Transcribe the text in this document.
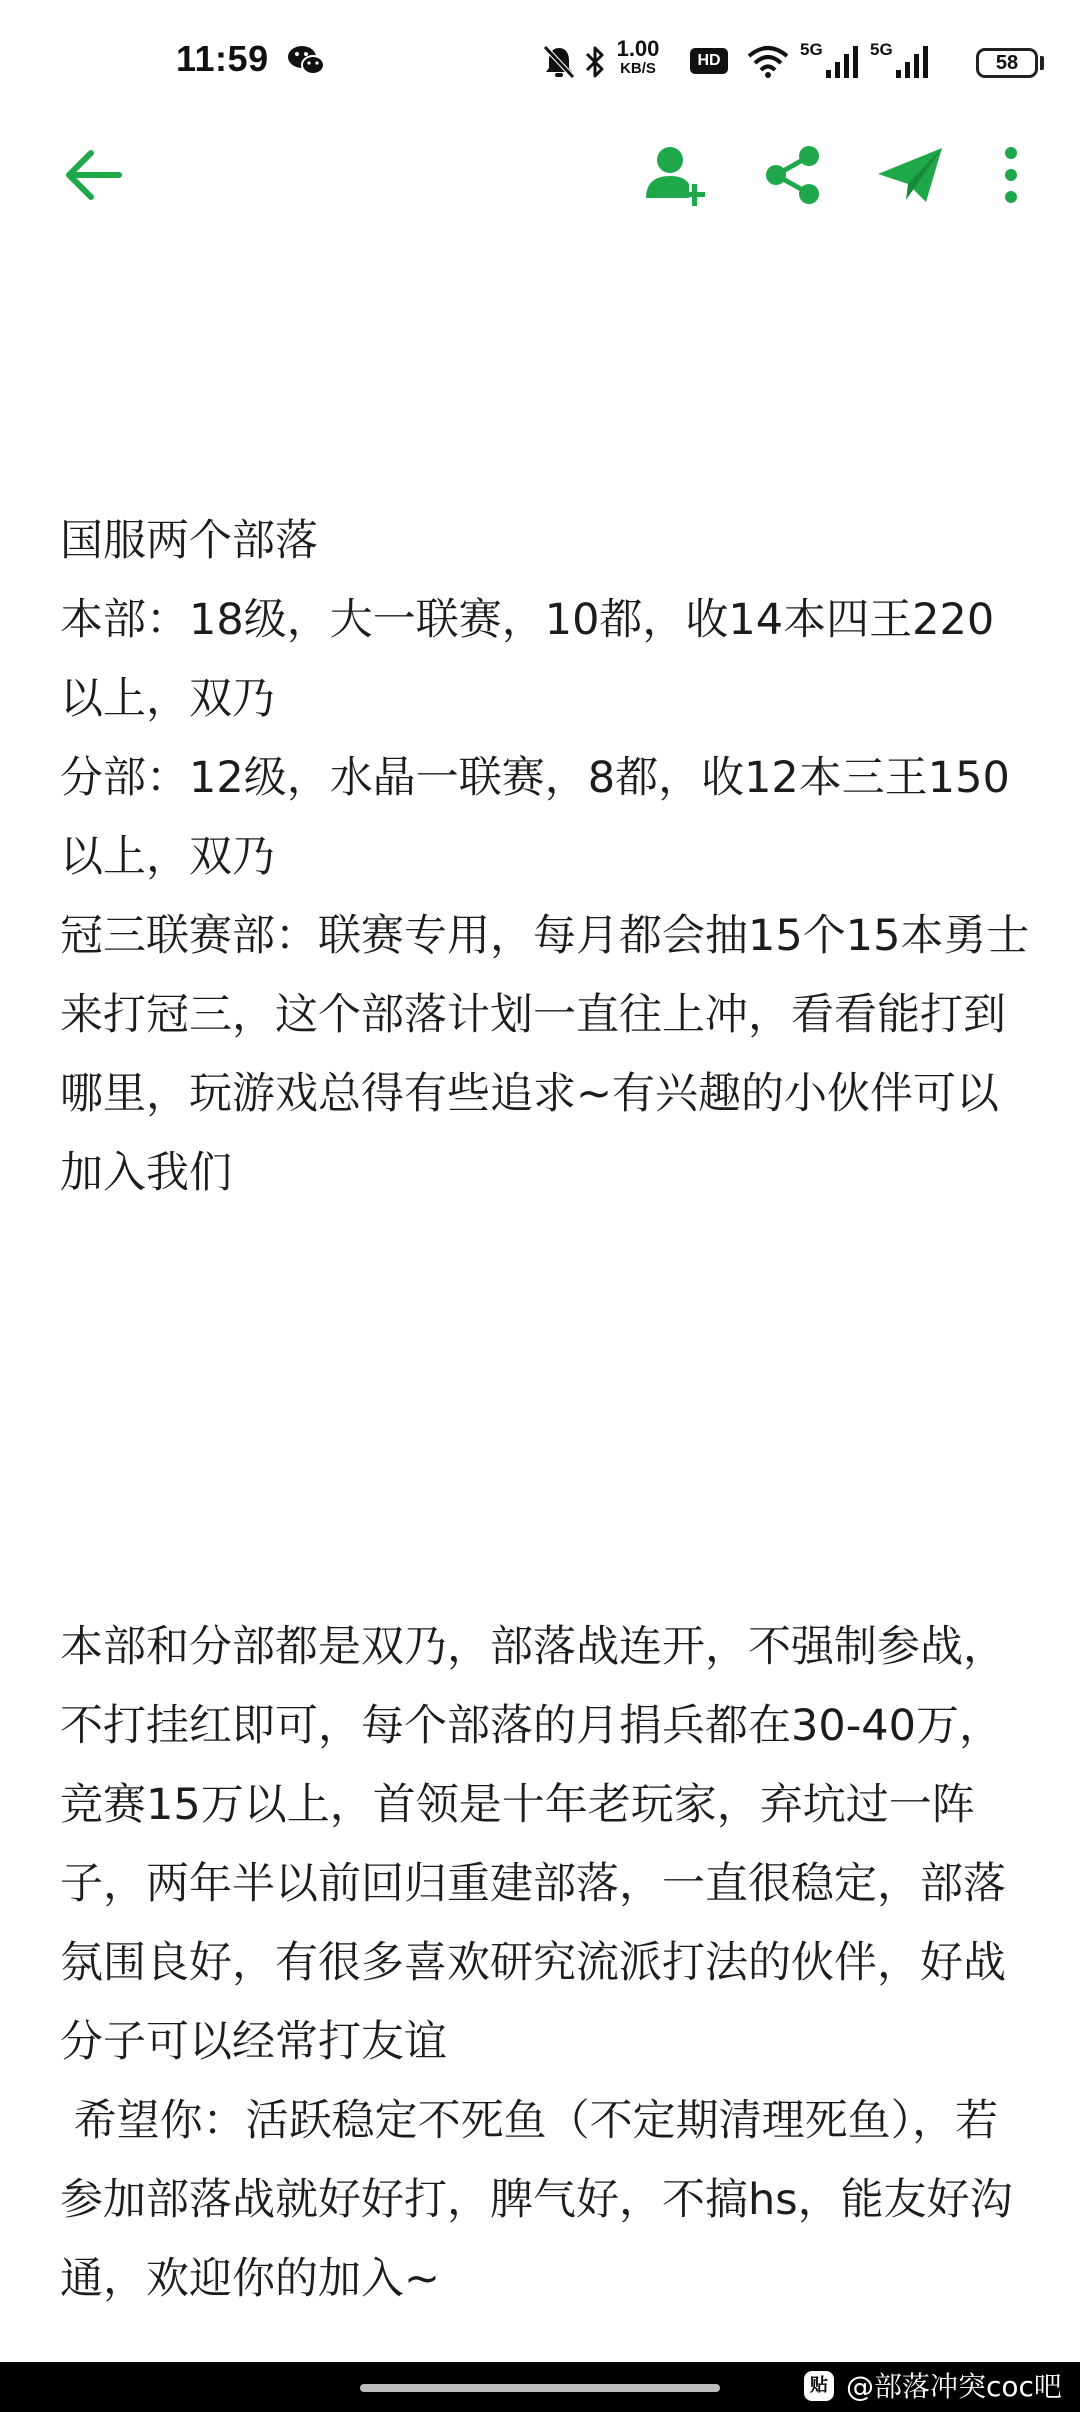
11:59	1.00
KB/S	HD
5G	5G
58

国服两个部落
本部：18级，大一联赛，10都，收14本四王220以上，双乃
分部：12级，水晶一联赛，8都，收12本三王150以上，双乃
冠三联赛部：联赛专用，每月都会抽15个15本勇士来打冠三，这个部落计划一直往上冲，看看能打到哪里，玩游戏总得有些追求~有兴趣的小伙伴可以加入我们

本部和分部都是双乃，部落战连开，不强制参战，不打挂红即可，每个部落的月捐兵都在30-40万，竞赛15万以上，首领是十年老玩家，弃坑过一阵子，两年半以前回归重建部落，一直很稳定，部落氛围良好，有很多喜欢研究流派打法的伙伴，好战分子可以经常打友谊
希望你：活跃稳定不死鱼（不定期清理死鱼），若参加部落战就好好打，脾气好，不搞hs，能友好沟通，欢迎你的加入~

贴 @部落冲突coc吧
